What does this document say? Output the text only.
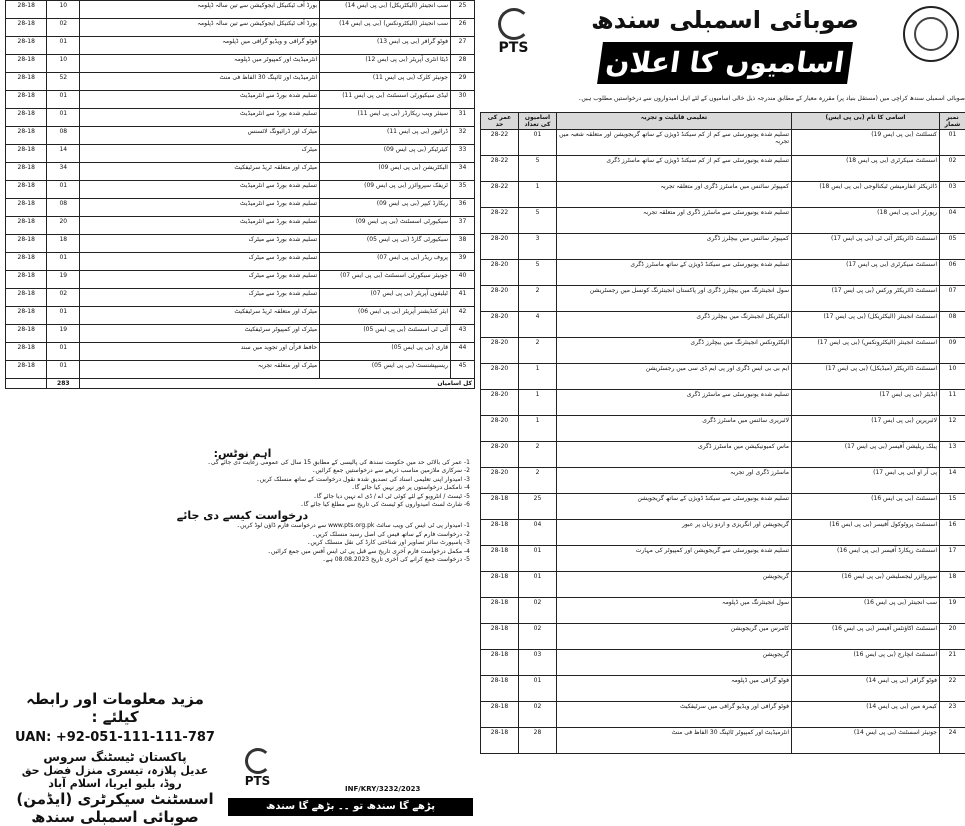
28-18	10	بورڈ آف ٹیکنیکل ایجوکیشن سے تین سالہ ڈپلومہ	سب انجینئر (الیکٹریکل) (بی پی ایس 14)	25
28-18	02	بورڈ آف ٹیکنیکل ایجوکیشن سے تین سالہ ڈپلومہ	سب انجینئر (الیکٹرونکس) (بی پی ایس 14)	26
28-18	01	فوٹو گرافی و ویڈیو گرافی میں ڈپلومہ	فوٹو گرافر (بی پی ایس 13)	27
28-18	10	انٹرمیڈیٹ اور کمپیوٹر میں ڈپلومہ	ڈیٹا انٹری آپریٹر (بی پی ایس 12)	28
28-18	52	انٹرمیڈیٹ اور ٹائپنگ 30 الفاظ فی منٹ	جونیئر کلرک (بی پی ایس 11)	29
28-18	01	تسلیم شدہ بورڈ سے انٹرمیڈیٹ	لیڈی سیکیورٹی اسسٹنٹ (بی پی ایس 11)	30
28-18	01	تسلیم شدہ بورڈ سے انٹرمیڈیٹ	سینئر ویب ریکارڈر (بی پی ایس 11)	31
28-18	08	میٹرک اور ڈرائیونگ لائسنس	ڈرائیور (بی پی ایس 11)	32
28-18	14	میٹرک	کیئرٹیکر (بی پی ایس 09)	33
28-18	34	میٹرک اور متعلقہ ٹریڈ سرٹیفکیٹ	الیکٹریشن (بی پی ایس 09)	34
28-18	01	تسلیم شدہ بورڈ سے انٹرمیڈیٹ	ٹریفک سپروائزر (بی پی ایس 09)	35
28-18	08	تسلیم شدہ بورڈ سے انٹرمیڈیٹ	ریکارڈ کیپر (بی پی ایس 09)	36
28-18	20	تسلیم شدہ بورڈ سے انٹرمیڈیٹ	سیکیورٹی اسسٹنٹ (بی پی ایس 09)	37
28-18	18	تسلیم شدہ بورڈ سے میٹرک	سیکیورٹی گارڈ (بی پی ایس 05)	38
28-18	01	تسلیم شدہ بورڈ سے میٹرک	پروف ریڈر (بی پی ایس 07)	39
28-18	19	تسلیم شدہ بورڈ سے میٹرک	جونیئر سیکورٹی اسسٹنٹ (بی پی ایس 07)	40
28-18	02	تسلیم شدہ بورڈ سے میٹرک	ٹیلیفون آپریٹر (بی پی ایس 07)	41
28-18	01	میٹرک اور متعلقہ ٹریڈ سرٹیفکیٹ	ایئر کنڈیشنر آپریٹر (بی پی ایس 06)	42
28-18	19	میٹرک اور کمپیوٹر سرٹیفکیٹ	آئی ٹی اسسٹنٹ (بی پی ایس 05)	43
28-18	01	حافظ قرآن اور تجوید میں سند	قاری (بی پی ایس 05)	44
28-18	01	میٹرک اور متعلقہ تجربہ	ریسیپشنسٹ (بی پی ایس 05)	45
	283	کل اسامیاں		
اہم نوٹس:
1- عمر کی بالائی حد میں حکومت سندھ کی پالیسی کے مطابق 15 سال کی عمومی رعایت دی جائے گی۔
2- سرکاری ملازمین مناسب ذریعے سے درخواستیں جمع کرائیں۔
3- امیدوار اپنی تعلیمی اسناد کی تصدیق شدہ نقول درخواست کے ساتھ منسلک کریں۔
4- نامکمل درخواستوں پر غور نہیں کیا جائے گا۔
5- ٹیسٹ / انٹرویو کے لئے کوئی ٹی اے / ڈی اے نہیں دیا جائے گا۔
6- شارٹ لسٹ امیدواروں کو ٹیسٹ کی تاریخ سے مطلع کیا جائے گا۔
درخواست کیسے دی جائے
1- امیدوار پی ٹی ایس کی ویب سائٹ www.pts.org.pk سے درخواست فارم ڈاؤن لوڈ کریں۔
2- درخواست فارم کے ساتھ فیس کی اصل رسید منسلک کریں۔
3- پاسپورٹ سائز تصاویر اور شناختی کارڈ کی نقل منسلک کریں۔
4- مکمل درخواست فارم آخری تاریخ سے قبل پی ٹی ایس آفس میں جمع کرائیں۔
5- درخواست جمع کرانے کی آخری تاریخ 08.08.2023 ہے۔
مزید معلومات اور رابطہ کیلئے :
UAN: +92-051-111-111-787
پاکستان ٹیسٹنگ سروس
عدیل پلازہ، تیسری منزل فضل حق روڈ، بلیو ایریا، اسلام آباد
اسسٹنٹ سیکرٹری (ایڈمن)
صوبائی اسمبلی سندھ
PTS
INF/KRY/3232/2023
پڑھے گا سندھ تو ۔۔ بڑھے گا سندھ
PTS
صوبائی اسمبلی سندھ
اسامیوں کا اعلان
صوبائی اسمبلی سندھ کراچی میں (مستقل بنیاد پر) مقررہ معیار کے مطابق مندرجہ ذیل خالی اسامیوں کے لئے اہل امیدواروں سے درخواستیں مطلوب ہیں۔
عمر کی حد	اسامیوں کی تعداد	تعلیمی قابلیت و تجربہ	اسامی کا نام (بی پی ایس)	نمبر شمار
28-22	01	تسلیم شدہ یونیورسٹی سے کم از کم سیکنڈ ڈویژن کے ساتھ گریجویشن اور متعلقہ شعبہ میں تجربہ	کنسلٹنٹ (بی پی ایس 19)	01
28-22	5	تسلیم شدہ یونیورسٹی سے کم از کم سیکنڈ ڈویژن کے ساتھ ماسٹرز ڈگری	اسسٹنٹ سیکرٹری (بی پی ایس 18)	02
28-22	1	کمپیوٹر سائنس میں ماسٹرز ڈگری اور متعلقہ تجربہ	ڈائریکٹر انفارمیشن ٹیکنالوجی (بی پی ایس 18)	03
28-22	5	تسلیم شدہ یونیورسٹی سے ماسٹرز ڈگری اور متعلقہ تجربہ	رپورٹر (بی پی ایس 18)	04
28-20	3	کمپیوٹر سائنس میں بیچلرز ڈگری	اسسٹنٹ ڈائریکٹر آئی ٹی (بی پی ایس 17)	05
28-20	5	تسلیم شدہ یونیورسٹی سے سیکنڈ ڈویژن کے ساتھ ماسٹرز ڈگری	اسسٹنٹ سیکرٹری (بی پی ایس 17)	06
28-20	2	سول انجینئرنگ میں بیچلرز ڈگری اور پاکستان انجینئرنگ کونسل میں رجسٹریشن	اسسٹنٹ ڈائریکٹر ورکس (بی پی ایس 17)	07
28-20	4	الیکٹریکل انجینئرنگ میں بیچلرز ڈگری	اسسٹنٹ انجینئر (الیکٹریکل) (بی پی ایس 17)	08
28-20	2	الیکٹرونکس انجینئرنگ میں بیچلرز ڈگری	اسسٹنٹ انجینئر (الیکٹرونکس) (بی پی ایس 17)	09
28-20	1	ایم بی بی ایس ڈگری اور پی ایم ڈی سی میں رجسٹریشن	اسسٹنٹ ڈائریکٹر (میڈیکل) (بی پی ایس 17)	10
28-20	1	تسلیم شدہ یونیورسٹی سے ماسٹرز ڈگری	ایڈیٹر (بی پی ایس 17)	11
28-20	1	لائبریری سائنس میں ماسٹرز ڈگری	لائبریرین (بی پی ایس 17)	12
28-20	2	ماس کمیونیکیشن میں ماسٹرز ڈگری	پبلک ریلیشن آفیسر (بی پی ایس 17)	13
28-20	2	ماسٹرز ڈگری اور تجربہ	پی آر او (بی پی ایس 17)	14
28-18	25	تسلیم شدہ یونیورسٹی سے سیکنڈ ڈویژن کے ساتھ گریجویشن	اسسٹنٹ (بی پی ایس 16)	15
28-18	04	گریجویشن اور انگریزی و اردو زبان پر عبور	اسسٹنٹ پروٹوکول آفیسر (بی پی ایس 16)	16
28-18	01	تسلیم شدہ یونیورسٹی سے گریجویشن اور کمپیوٹر کی مہارت	اسسٹنٹ ریکارڈ آفیسر (بی پی ایس 16)	17
28-18	01	گریجویشن	سپروائزر لیجسلیشن (بی پی ایس 16)	18
28-18	02	سول انجینئرنگ میں ڈپلومہ	سب انجینئر (بی پی ایس 16)	19
28-18	02	کامرس میں گریجویشن	اسسٹنٹ اکاؤنٹس آفیسر (بی پی ایس 16)	20
28-18	03	گریجویشن	اسسٹنٹ انچارج (بی پی ایس 16)	21
28-18	01	فوٹو گرافی میں ڈپلومہ	فوٹو گرافر (بی پی ایس 14)	22
28-18	02	فوٹو گرافی اور ویڈیو گرافی میں سرٹیفکیٹ	کیمرہ مین (بی پی ایس 14)	23
28-18	28	انٹرمیڈیٹ اور کمپیوٹر ٹائپنگ 30 الفاظ فی منٹ	جونیئر اسسٹنٹ (بی پی ایس 14)	24
